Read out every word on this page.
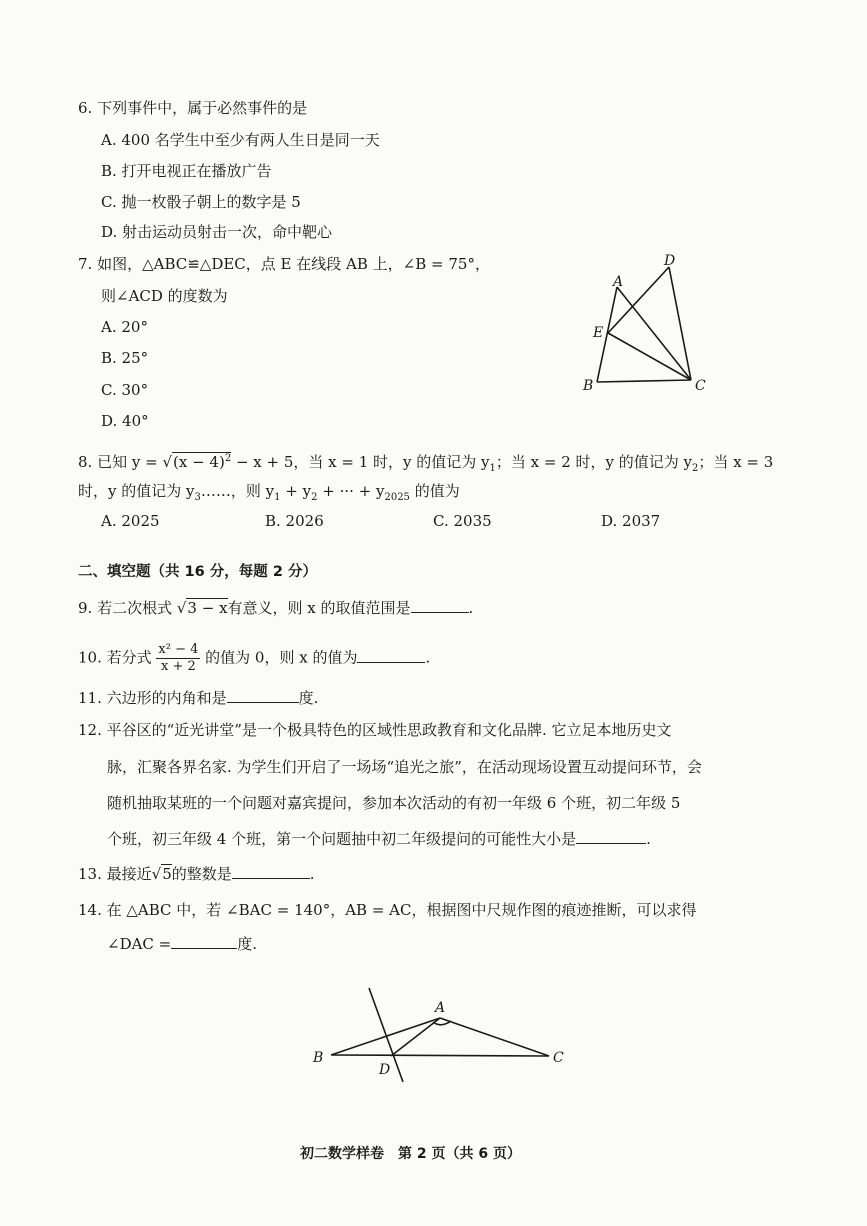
6. 下列事件中，属于必然事件的是
A. 400 名学生中至少有两人生日是同一天
B. 打开电视正在播放广告
C. 抛一枚骰子朝上的数字是 5
D. 射击运动员射击一次，命中靶心
7. 如图，△ABC≌△DEC，点 E 在线段 AB 上，∠B = 75°，
则∠ACD 的度数为
A. 20°
B. 25°
C. 30°
D. 40°
D
A
E
B	C
8. 已知 $y = √(x - 4)^2 - x + 5$，当 x = 1 时，y 的值记为 $y_1$；当 x = 2 时，y 的值记为 $y_2$；当 x = 3
时，y 的值记为 $y_3\dots\dots$，则 $y_1 + y_2$ + ··· + $y_{2025}$ 的值为
A. 2025	B. 2026	C. 2035	D. 2037
二、填空题（共 16 分，每题 2 分）
9. 若二次根式 √3 − x有意义，则 x 的取值范围是	.
10. 若分式 $\frac{\text{x² − 4}}{x + 2}$ 的值为 0，则 x 的值为	.
11. 六边形的内角和是	度.
12. 平谷区的“近光讲堂”是一个极具特色的区域性思政教育和文化品牌. 它立足本地历史文
脉，汇聚各界名家. 为学生们开启了一场场“追光之旅”，在活动现场设置互动提问环节，会
随机抽取某班的一个问题对嘉宾提问，参加本次活动的有初一年级 6 个班，初二年级 5
个班，初三年级 4 个班，第一个问题抽中初二年级提问的可能性大小是	.
13. 最接近√5的整数是	.
14. 在 △ABC 中，若 ∠BAC = 140°，AB = AC，根据图中尺规作图的痕迹推断，可以求得
∠DAC =	度.
A
B	C
D
初二数学样卷　第 2 页（共 6 页）
